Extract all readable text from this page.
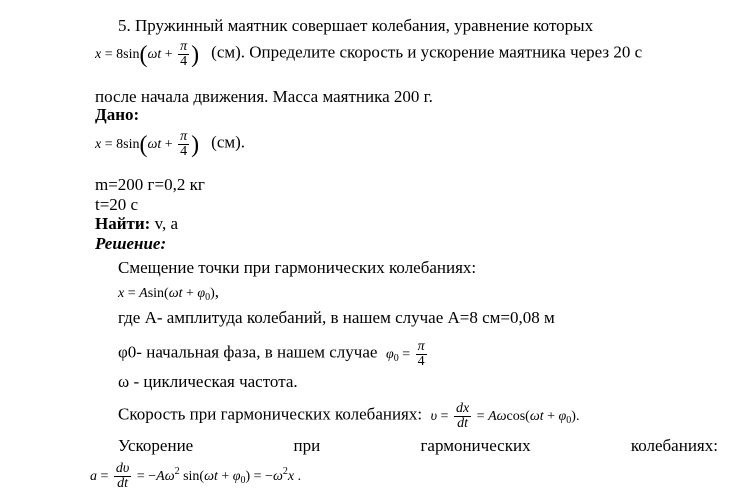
5. Пружинный маятник совершает колебания, уравнение которых
$x = 8\sin(\omega t + \frac{\pi}{4}$ ) (см). Определите скорость и ускорение маятника через 20 с
после начала движения. Масса маятника 200 г.
Дано:
$x = 8\sin(\omega t + \frac{\pi}{4}$ ) (см).
m=200 г=0,2 кг
t=20 с
Найти: v, a
Решение:
Смещение точки при гармонических колебаниях:
$x = Asin(\omega t + \varphi_0)$,
где А- амплитуда колебаний, в нашем случае А=8 см=0,08 м
φ0- начальная фаза, в нашем случае $\varphi_0 = \frac{\pi}{4}$
ω - циклическая частота.
Скорость при гармонических колебаниях: $\upsilon = \frac{dx}{dt} = A\omega\cos(\omega t + \varphi_0)$.
Ускорение	при	гармонических	колебаниях:
$a = \frac{d\upsilon}{dt} = -A\omega^2$ $\sin(\omega t + \varphi_0) = -\omega^2x$ .
